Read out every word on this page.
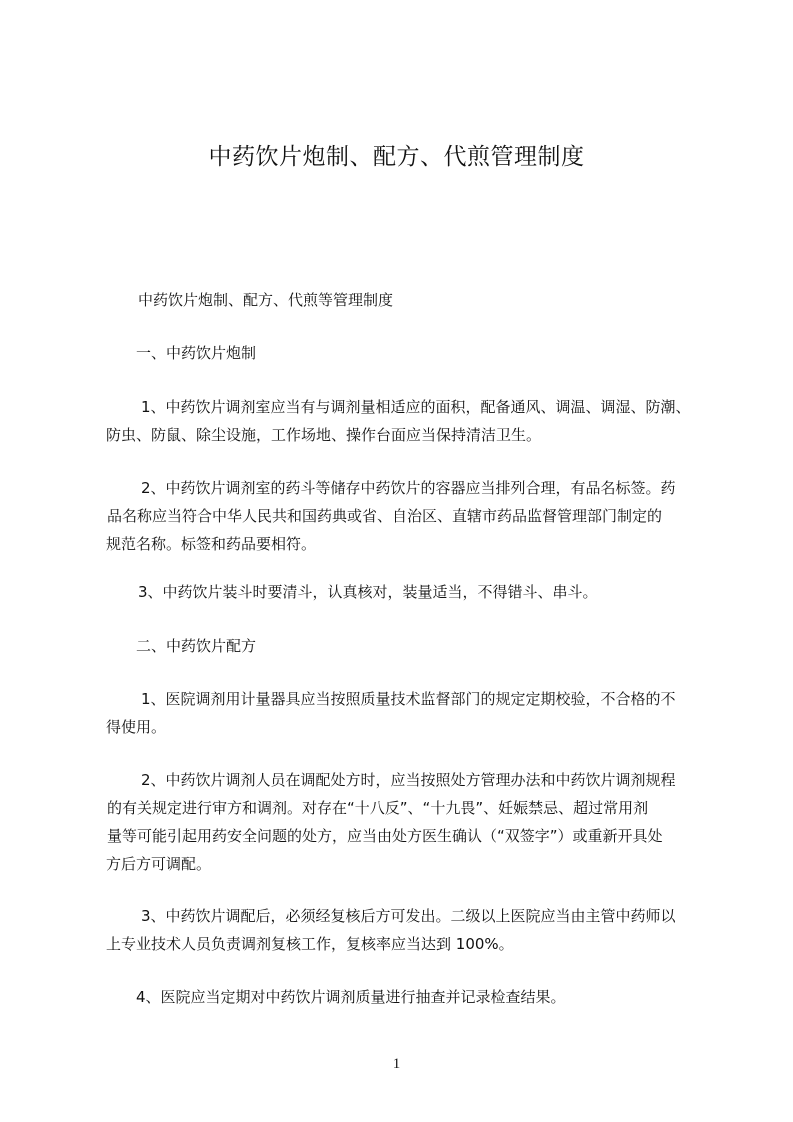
中药饮片炮制、配方、代煎管理制度
中药饮片炮制、配方、代煎等管理制度
一、中药饮片炮制
1、中药饮片调剂室应当有与调剂量相适应的面积，配备通风、调温、调湿、防潮、
防虫、防鼠、除尘设施，工作场地、操作台面应当保持清洁卫生。
2、中药饮片调剂室的药斗等储存中药饮片的容器应当排列合理，有品名标签。药
品名称应当符合中华人民共和国药典或省、自治区、直辖市药品监督管理部门制定的
规范名称。标签和药品要相符。
3、中药饮片装斗时要清斗，认真核对，装量适当，不得错斗、串斗。
二、中药饮片配方
1、医院调剂用计量器具应当按照质量技术监督部门的规定定期校验，不合格的不
得使用。
2、中药饮片调剂人员在调配处方时，应当按照处方管理办法和中药饮片调剂规程
的有关规定进行审方和调剂。对存在“十八反”、“十九畏”、妊娠禁忌、超过常用剂
量等可能引起用药安全问题的处方，应当由处方医生确认（“双签字”）或重新开具处
方后方可调配。
3、中药饮片调配后，必须经复核后方可发出。二级以上医院应当由主管中药师以
上专业技术人员负责调剂复核工作，复核率应当达到 100%。
4、医院应当定期对中药饮片调剂质量进行抽查并记录检查结果。
1
